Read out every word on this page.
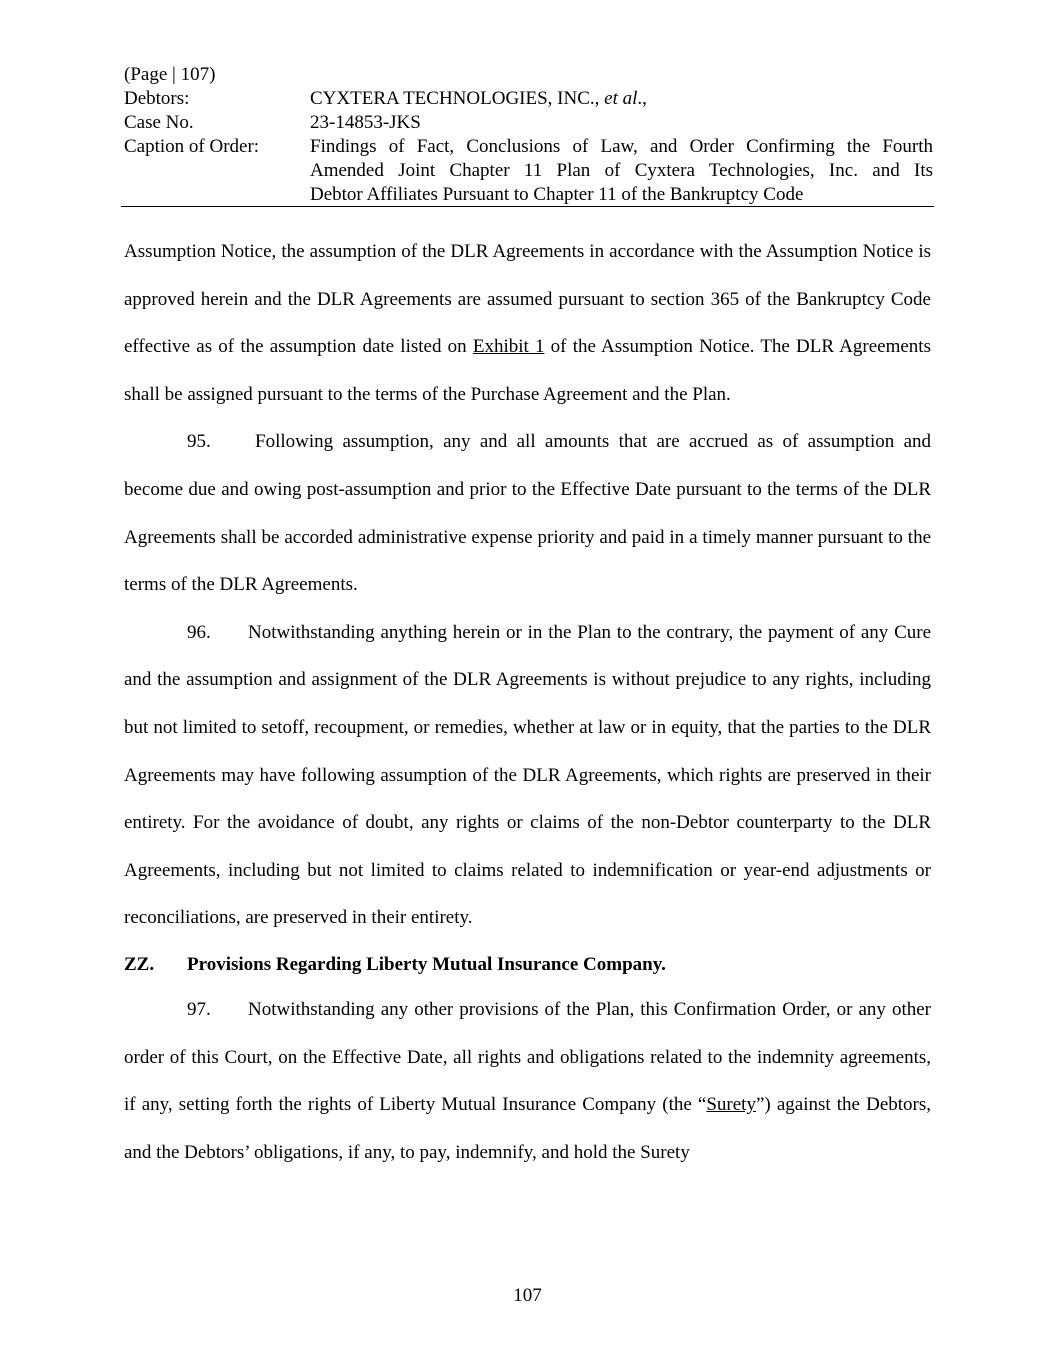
(Page | 107)
Debtors:	CYXTERA TECHNOLOGIES, INC., et al.,
Case No.	23-14853-JKS
Caption of Order:	Findings of Fact, Conclusions of Law, and Order Confirming the Fourth
Amended Joint Chapter 11 Plan of Cyxtera Technologies, Inc. and Its
Debtor Affiliates Pursuant to Chapter 11 of the Bankruptcy Code

Assumption Notice, the assumption of the DLR Agreements in accordance with the Assumption Notice is approved herein and the DLR Agreements are assumed pursuant to section 365 of the Bankruptcy Code effective as of the assumption date listed on Exhibit 1 of the Assumption Notice. The DLR Agreements shall be assigned pursuant to the terms of the Purchase Agreement and the Plan.

95. Following assumption, any and all amounts that are accrued as of assumption and become due and owing post-assumption and prior to the Effective Date pursuant to the terms of the DLR Agreements shall be accorded administrative expense priority and paid in a timely manner pursuant to the terms of the DLR Agreements.

96. Notwithstanding anything herein or in the Plan to the contrary, the payment of any Cure and the assumption and assignment of the DLR Agreements is without prejudice to any rights, including but not limited to setoff, recoupment, or remedies, whether at law or in equity, that the parties to the DLR Agreements may have following assumption of the DLR Agreements, which rights are preserved in their entirety. For the avoidance of doubt, any rights or claims of the non-Debtor counterparty to the DLR Agreements, including but not limited to claims related to indemnification or year-end adjustments or reconciliations, are preserved in their entirety.

ZZ. Provisions Regarding Liberty Mutual Insurance Company.

97. Notwithstanding any other provisions of the Plan, this Confirmation Order, or any other order of this Court, on the Effective Date, all rights and obligations related to the indemnity agreements, if any, setting forth the rights of Liberty Mutual Insurance Company (the “Surety”) against the Debtors, and the Debtors’ obligations, if any, to pay, indemnify, and hold the Surety

107
